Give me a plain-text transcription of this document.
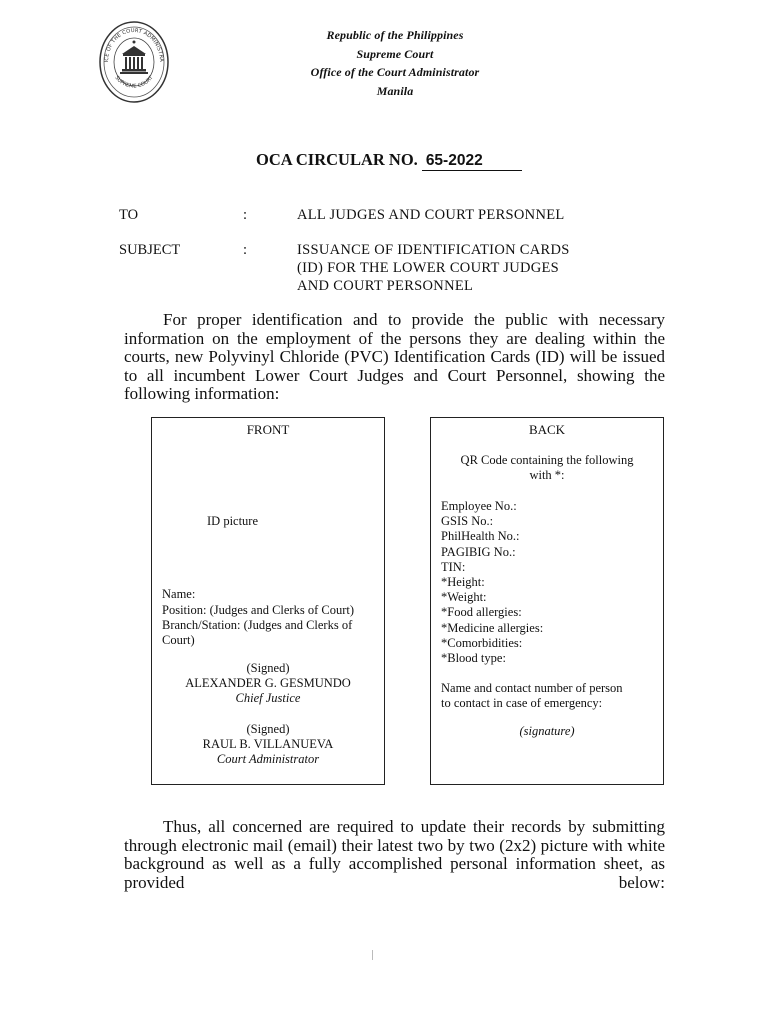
ICE OF THE COURT ADMINISTRA
SUPREME COURT
Republic of the Philippines
Supreme Court
Office of the Court Administrator
Manila
OCA CIRCULAR NO. 65-2022
TO	:	ALL JUDGES AND COURT PERSONNEL
SUBJECT	:	ISSUANCE OF IDENTIFICATION CARDS
(ID) FOR THE LOWER COURT JUDGES
AND COURT PERSONNEL
For proper identification and to provide the public with necessary information on the employment of the persons they are dealing within the courts, new Polyvinyl Chloride (PVC) Identification Cards (ID) will be issued to all incumbent Lower Court Judges and Court Personnel, showing the following information:
FRONT
ID picture
Name:
Position: (Judges and Clerks of Court)
Branch/Station: (Judges and Clerks of
Court)
(Signed)
ALEXANDER G. GESMUNDO
Chief Justice
(Signed)
RAUL B. VILLANUEVA
Court Administrator
BACK
QR Code containing the following
with *:
Employee No.:
GSIS No.:
PhilHealth No.:
PAGIBIG No.:
TIN:
*Height:
*Weight:
*Food allergies:
*Medicine allergies:
*Comorbidities:
*Blood type:
Name and contact number of person
to contact in case of emergency:
(signature)
Thus, all concerned are required to update their records by submitting through electronic mail (email) their latest two by two (2x2) picture with white background as well as a fully accomplished personal information sheet, as provided below:
